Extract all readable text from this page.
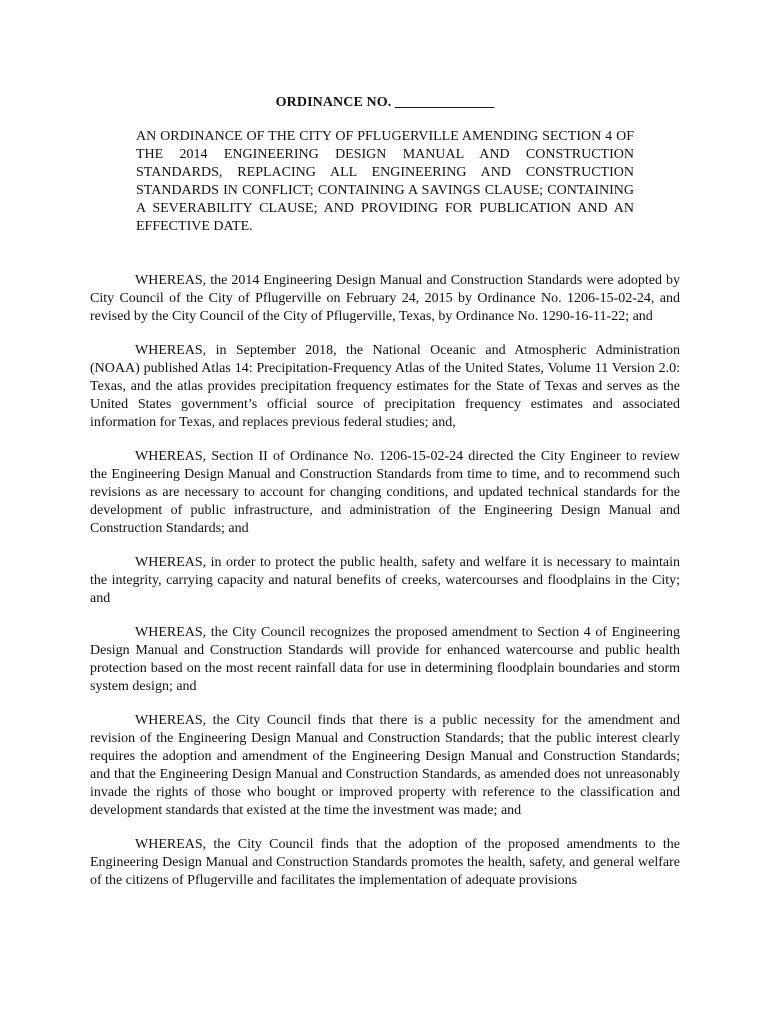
ORDINANCE NO. ______________
AN ORDINANCE OF THE CITY OF PFLUGERVILLE AMENDING SECTION 4 OF THE 2014 ENGINEERING DESIGN MANUAL AND CONSTRUCTION STANDARDS, REPLACING ALL ENGINEERING AND CONSTRUCTION STANDARDS IN CONFLICT; CONTAINING A SAVINGS CLAUSE; CONTAINING A SEVERABILITY CLAUSE; AND PROVIDING FOR PUBLICATION AND AN EFFECTIVE DATE.

WHEREAS, the 2014 Engineering Design Manual and Construction Standards were adopted by City Council of the City of Pflugerville on February 24, 2015 by Ordinance No. 1206-15-02-24, and revised by the City Council of the City of Pflugerville, Texas, by Ordinance No. 1290-16-11-22; and

WHEREAS, in September 2018, the National Oceanic and Atmospheric Administration (NOAA) published Atlas 14: Precipitation-Frequency Atlas of the United States, Volume 11 Version 2.0: Texas, and the atlas provides precipitation frequency estimates for the State of Texas and serves as the United States government’s official source of precipitation frequency estimates and associated information for Texas, and replaces previous federal studies; and,

WHEREAS, Section II of Ordinance No. 1206-15-02-24 directed the City Engineer to review the Engineering Design Manual and Construction Standards from time to time, and to recommend such revisions as are necessary to account for changing conditions, and updated technical standards for the development of public infrastructure, and administration of the Engineering Design Manual and Construction Standards; and

WHEREAS, in order to protect the public health, safety and welfare it is necessary to maintain the integrity, carrying capacity and natural benefits of creeks, watercourses and floodplains in the City; and

WHEREAS, the City Council recognizes the proposed amendment to Section 4 of Engineering Design Manual and Construction Standards will provide for enhanced watercourse and public health protection based on the most recent rainfall data for use in determining floodplain boundaries and storm system design; and

WHEREAS, the City Council finds that there is a public necessity for the amendment and revision of the Engineering Design Manual and Construction Standards; that the public interest clearly requires the adoption and amendment of the Engineering Design Manual and Construction Standards; and that the Engineering Design Manual and Construction Standards, as amended does not unreasonably invade the rights of those who bought or improved property with reference to the classification and development standards that existed at the time the investment was made; and

WHEREAS, the City Council finds that the adoption of the proposed amendments to the Engineering Design Manual and Construction Standards promotes the health, safety, and general welfare of the citizens of Pflugerville and facilitates the implementation of adequate provisions
